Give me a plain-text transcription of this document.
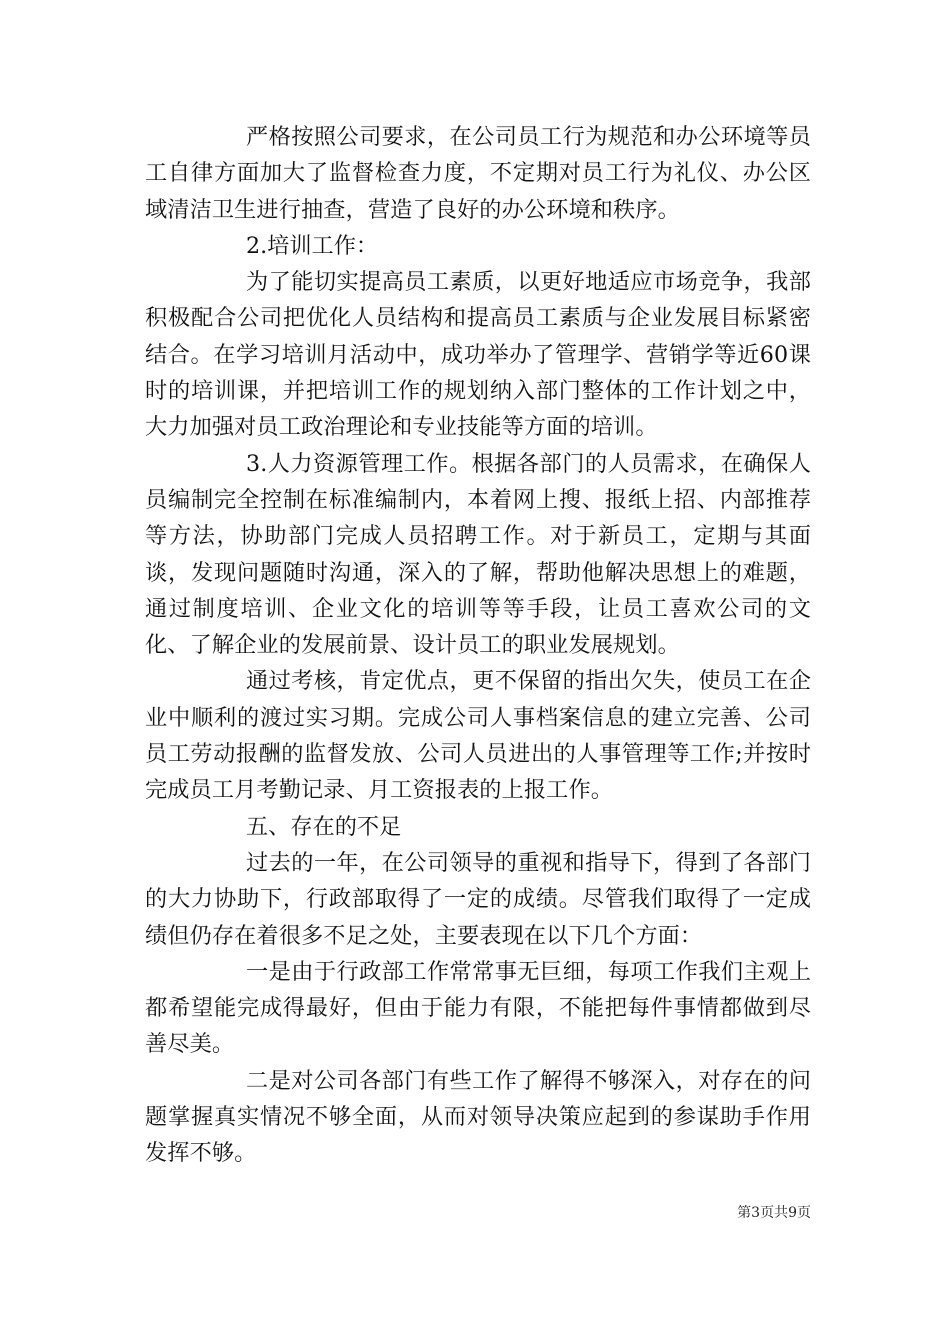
严格按照公司要求，在公司员工行为规范和办公环境等员工自律方面加大了监督检查力度，不定期对员工行为礼仪、办公区域清洁卫生进行抽查，营造了良好的办公环境和秩序。

2.培训工作：

为了能切实提高员工素质，以更好地适应市场竞争，我部积极配合公司把优化人员结构和提高员工素质与企业发展目标紧密结合。在学习培训月活动中，成功举办了管理学、营销学等近60课时的培训课，并把培训工作的规划纳入部门整体的工作计划之中，大力加强对员工政治理论和专业技能等方面的培训。

3.人力资源管理工作。根据各部门的人员需求，在确保人员编制完全控制在标准编制内，本着网上搜、报纸上招、内部推荐等方法，协助部门完成人员招聘工作。对于新员工，定期与其面谈，发现问题随时沟通，深入的了解，帮助他解决思想上的难题，通过制度培训、企业文化的培训等等手段，让员工喜欢公司的文化、了解企业的发展前景、设计员工的职业发展规划。

通过考核，肯定优点，更不保留的指出欠失，使员工在企业中顺利的渡过实习期。完成公司人事档案信息的建立完善、公司员工劳动报酬的监督发放、公司人员进出的人事管理等工作;并按时完成员工月考勤记录、月工资报表的上报工作。

五、存在的不足

过去的一年，在公司领导的重视和指导下，得到了各部门的大力协助下，行政部取得了一定的成绩。尽管我们取得了一定成绩但仍存在着很多不足之处，主要表现在以下几个方面：

一是由于行政部工作常常事无巨细，每项工作我们主观上都希望能完成得最好，但由于能力有限，不能把每件事情都做到尽善尽美。

二是对公司各部门有些工作了解得不够深入，对存在的问题掌握真实情况不够全面，从而对领导决策应起到的参谋助手作用发挥不够。

第3页共9页
